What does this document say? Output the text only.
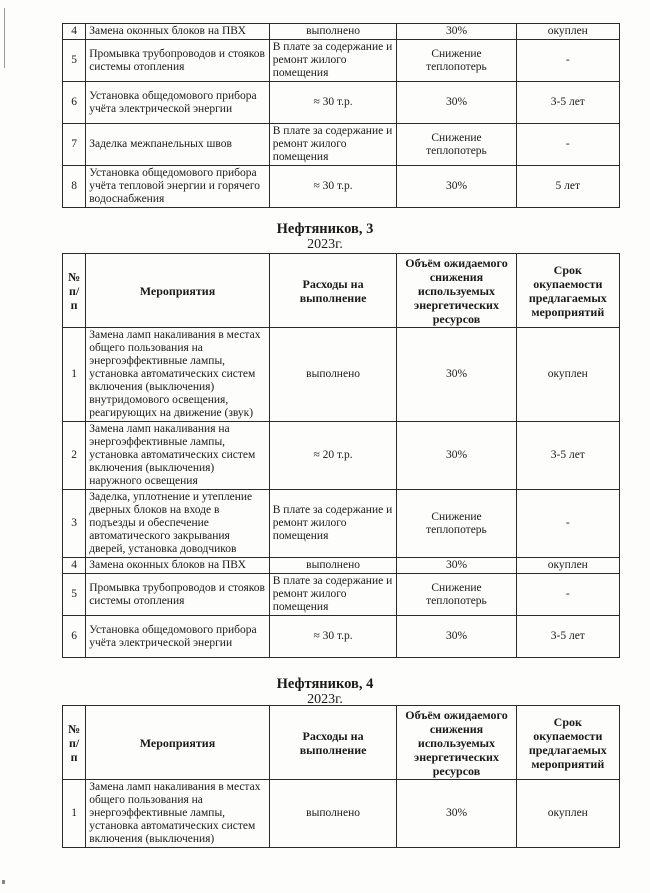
4	Замена оконных блоков на ПВХ	выполнено	30%	окуплен
5	Промывка трубопроводов и стояков системы отопления	В плате за содержание и ремонт жилого помещения	Снижение теплопотерь	-
6	Установка общедомового прибора учёта электрической энергии	≈ 30 т.р.	30%	3-5 лет
7	Заделка межпанельных швов	В плате за содержание и ремонт жилого помещения	Снижение теплопотерь	-
8	Установка общедомового прибора учёта тепловой энергии и горячего водоснабжения	≈ 30 т.р.	30%	5 лет
Нефтяников, 3
2023г.
№ п/п	Мероприятия	Расходы на выполнение	Объём ожидаемого снижения используемых энергетических ресурсов	Срок окупаемости предлагаемых мероприятий
1	Замена ламп накаливания в местах общего пользования на энергоэффективные лампы, установка автоматических систем включения (выключения) внутридомового освещения, реагирующих на движение (звук)	выполнено	30%	окуплен
2	Замена ламп накаливания на энергоэффективные лампы, установка автоматических систем включения (выключения) наружного освещения	≈ 20 т.р.	30%	3-5 лет
3	Заделка, уплотнение и утепление дверных блоков на входе в подъезды и обеспечение автоматического закрывания дверей, установка доводчиков	В плате за содержание и ремонт жилого помещения	Снижение теплопотерь	-
4	Замена оконных блоков на ПВХ	выполнено	30%	окуплен
5	Промывка трубопроводов и стояков системы отопления	В плате за содержание и ремонт жилого помещения	Снижение теплопотерь	-
6	Установка общедомового прибора учёта электрической энергии	≈ 30 т.р.	30%	3-5 лет
Нефтяников, 4
2023г.
№ п/п	Мероприятия	Расходы на выполнение	Объём ожидаемого снижения используемых энергетических ресурсов	Срок окупаемости предлагаемых мероприятий
1	Замена ламп накаливания в местах общего пользования на энергоэффективные лампы, установка автоматических систем включения (выключения)	выполнено	30%	окуплен
